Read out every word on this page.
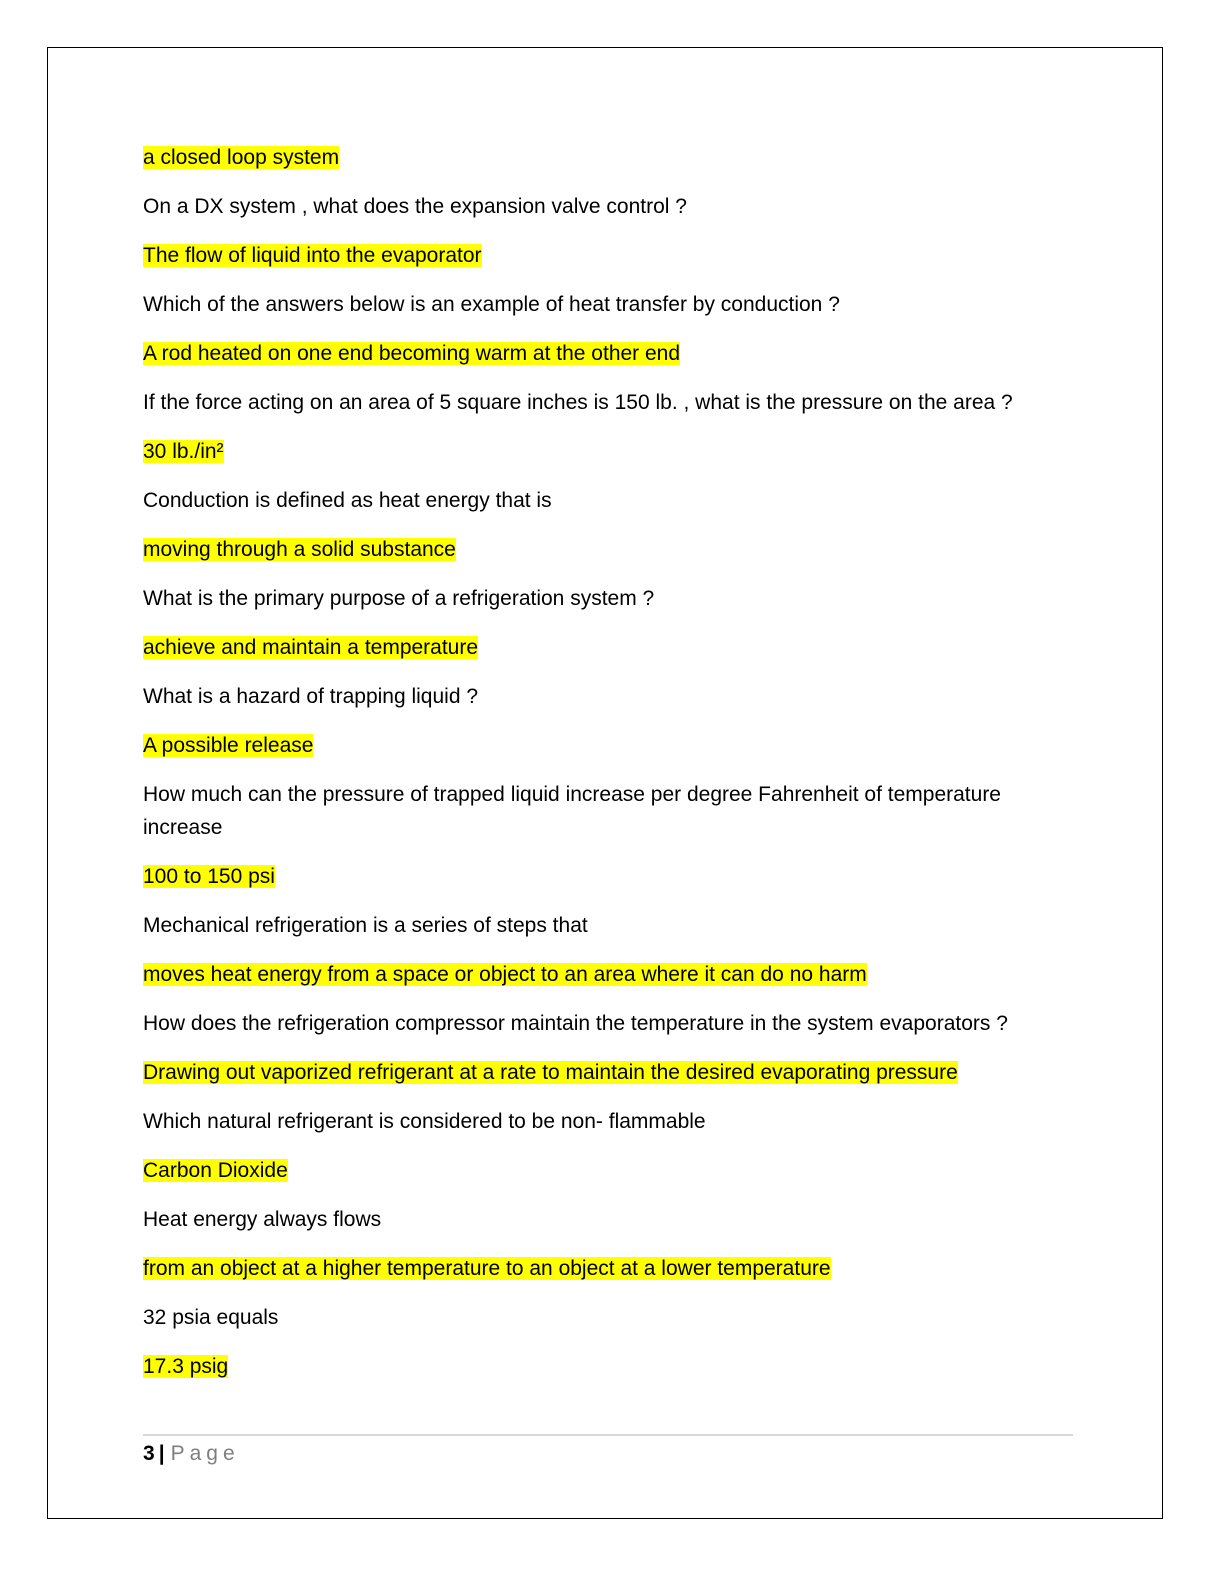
a closed loop system
On a DX system , what does the expansion valve control ?
The flow of liquid into the evaporator
Which of the answers below is an example of heat transfer by conduction ?
A rod heated on one end becoming warm at the other end
If the force acting on an area of 5 square inches is 150 lb. , what is the pressure on the area ?
30 lb./in²
Conduction is defined as heat energy that is
moving through a solid substance
What is the primary purpose of a refrigeration system ?
achieve and maintain a temperature
What is a hazard of trapping liquid ?
A possible release
How much can the pressure of trapped liquid increase per degree Fahrenheit of temperature increase
100 to 150 psi
Mechanical refrigeration is a series of steps that
moves heat energy from a space or object to an area where it can do no harm
How does the refrigeration compressor maintain the temperature in the system evaporators ?
Drawing out vaporized refrigerant at a rate to maintain the desired evaporating pressure
Which natural refrigerant is considered to be non- flammable
Carbon Dioxide
Heat energy always flows
from an object at a higher temperature to an object at a lower temperature
32 psia equals
17.3 psig
3 | Page
